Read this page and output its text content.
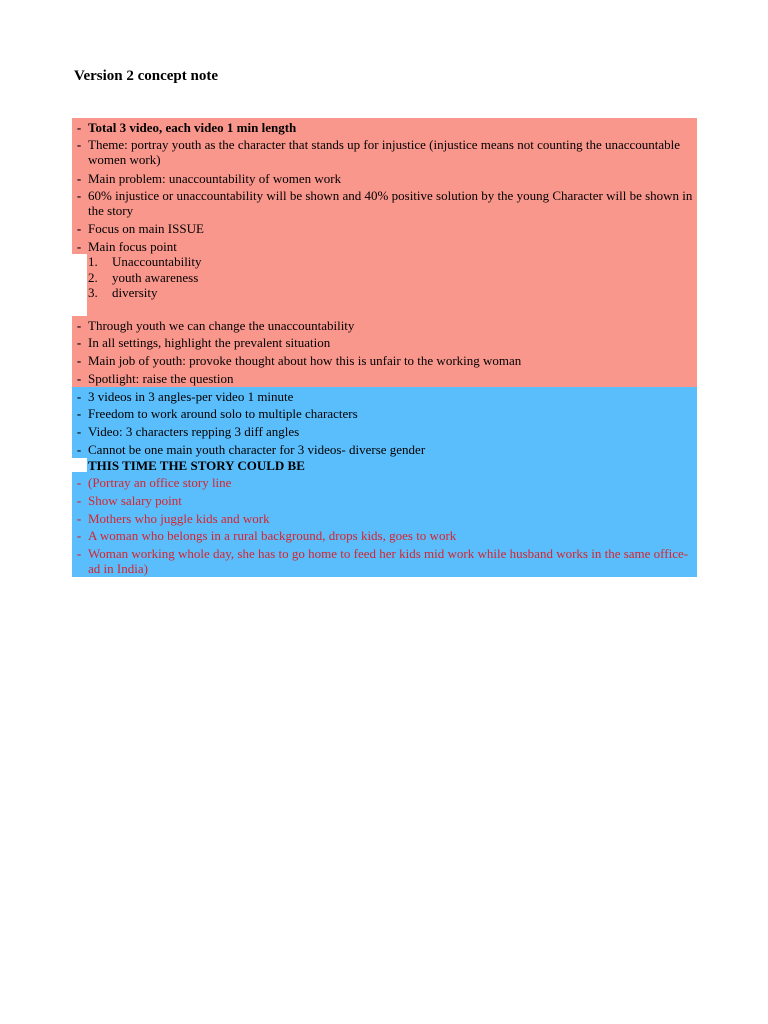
Version 2 concept note
- Total 3 video, each video 1 min length
- Theme: portray youth as the character that stands up for injustice (injustice means not counting the unaccountable women work)
- Main problem: unaccountability of women work
- 60% injustice or unaccountability will be shown and 40% positive solution by the young Character will be shown in the story
- Focus on main ISSUE
- Main focus point
1. Unaccountability
2. youth awareness
3. diversity
- Through youth we can change the unaccountability
- In all settings, highlight the prevalent situation
- Main job of youth: provoke thought about how this is unfair to the working woman
- Spotlight: raise the question
- 3 videos in 3 angles-per video 1 minute
- Freedom to work around solo to multiple characters
- Video: 3 characters repping 3 diff angles
- Cannot be one main youth character for 3 videos- diverse gender
THIS TIME THE STORY COULD BE
- (Portray an office story line
- Show salary point
- Mothers who juggle kids and work
- A woman who belongs in a rural background, drops kids, goes to work
- Woman working whole day, she has to go home to feed her kids mid work while husband works in the same office- ad in India)
